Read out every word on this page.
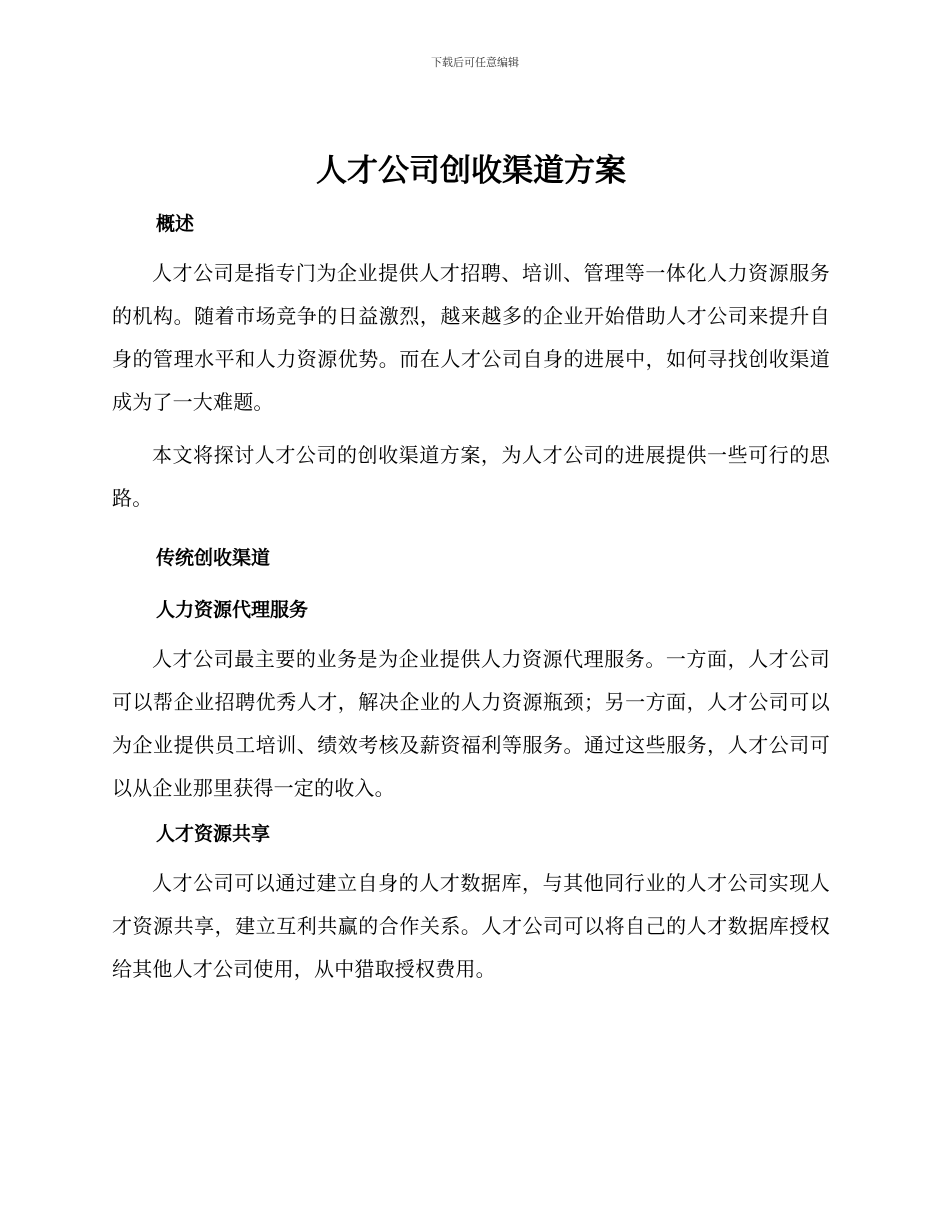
下载后可任意编辑
人才公司创收渠道方案
概述

人才公司是指专门为企业提供人才招聘、培训、管理等一体化人力资源服务的机构。随着市场竞争的日益激烈，越来越多的企业开始借助人才公司来提升自身的管理水平和人力资源优势。而在人才公司自身的进展中，如何寻找创收渠道成为了一大难题。

本文将探讨人才公司的创收渠道方案，为人才公司的进展提供一些可行的思路。

传统创收渠道
人力资源代理服务

人才公司最主要的业务是为企业提供人力资源代理服务。一方面，人才公司可以帮企业招聘优秀人才，解决企业的人力资源瓶颈；另一方面，人才公司可以为企业提供员工培训、绩效考核及薪资福利等服务。通过这些服务，人才公司可以从企业那里获得一定的收入。

人才资源共享

人才公司可以通过建立自身的人才数据库，与其他同行业的人才公司实现人才资源共享，建立互利共赢的合作关系。人才公司可以将自己的人才数据库授权给其他人才公司使用，从中猎取授权费用。
